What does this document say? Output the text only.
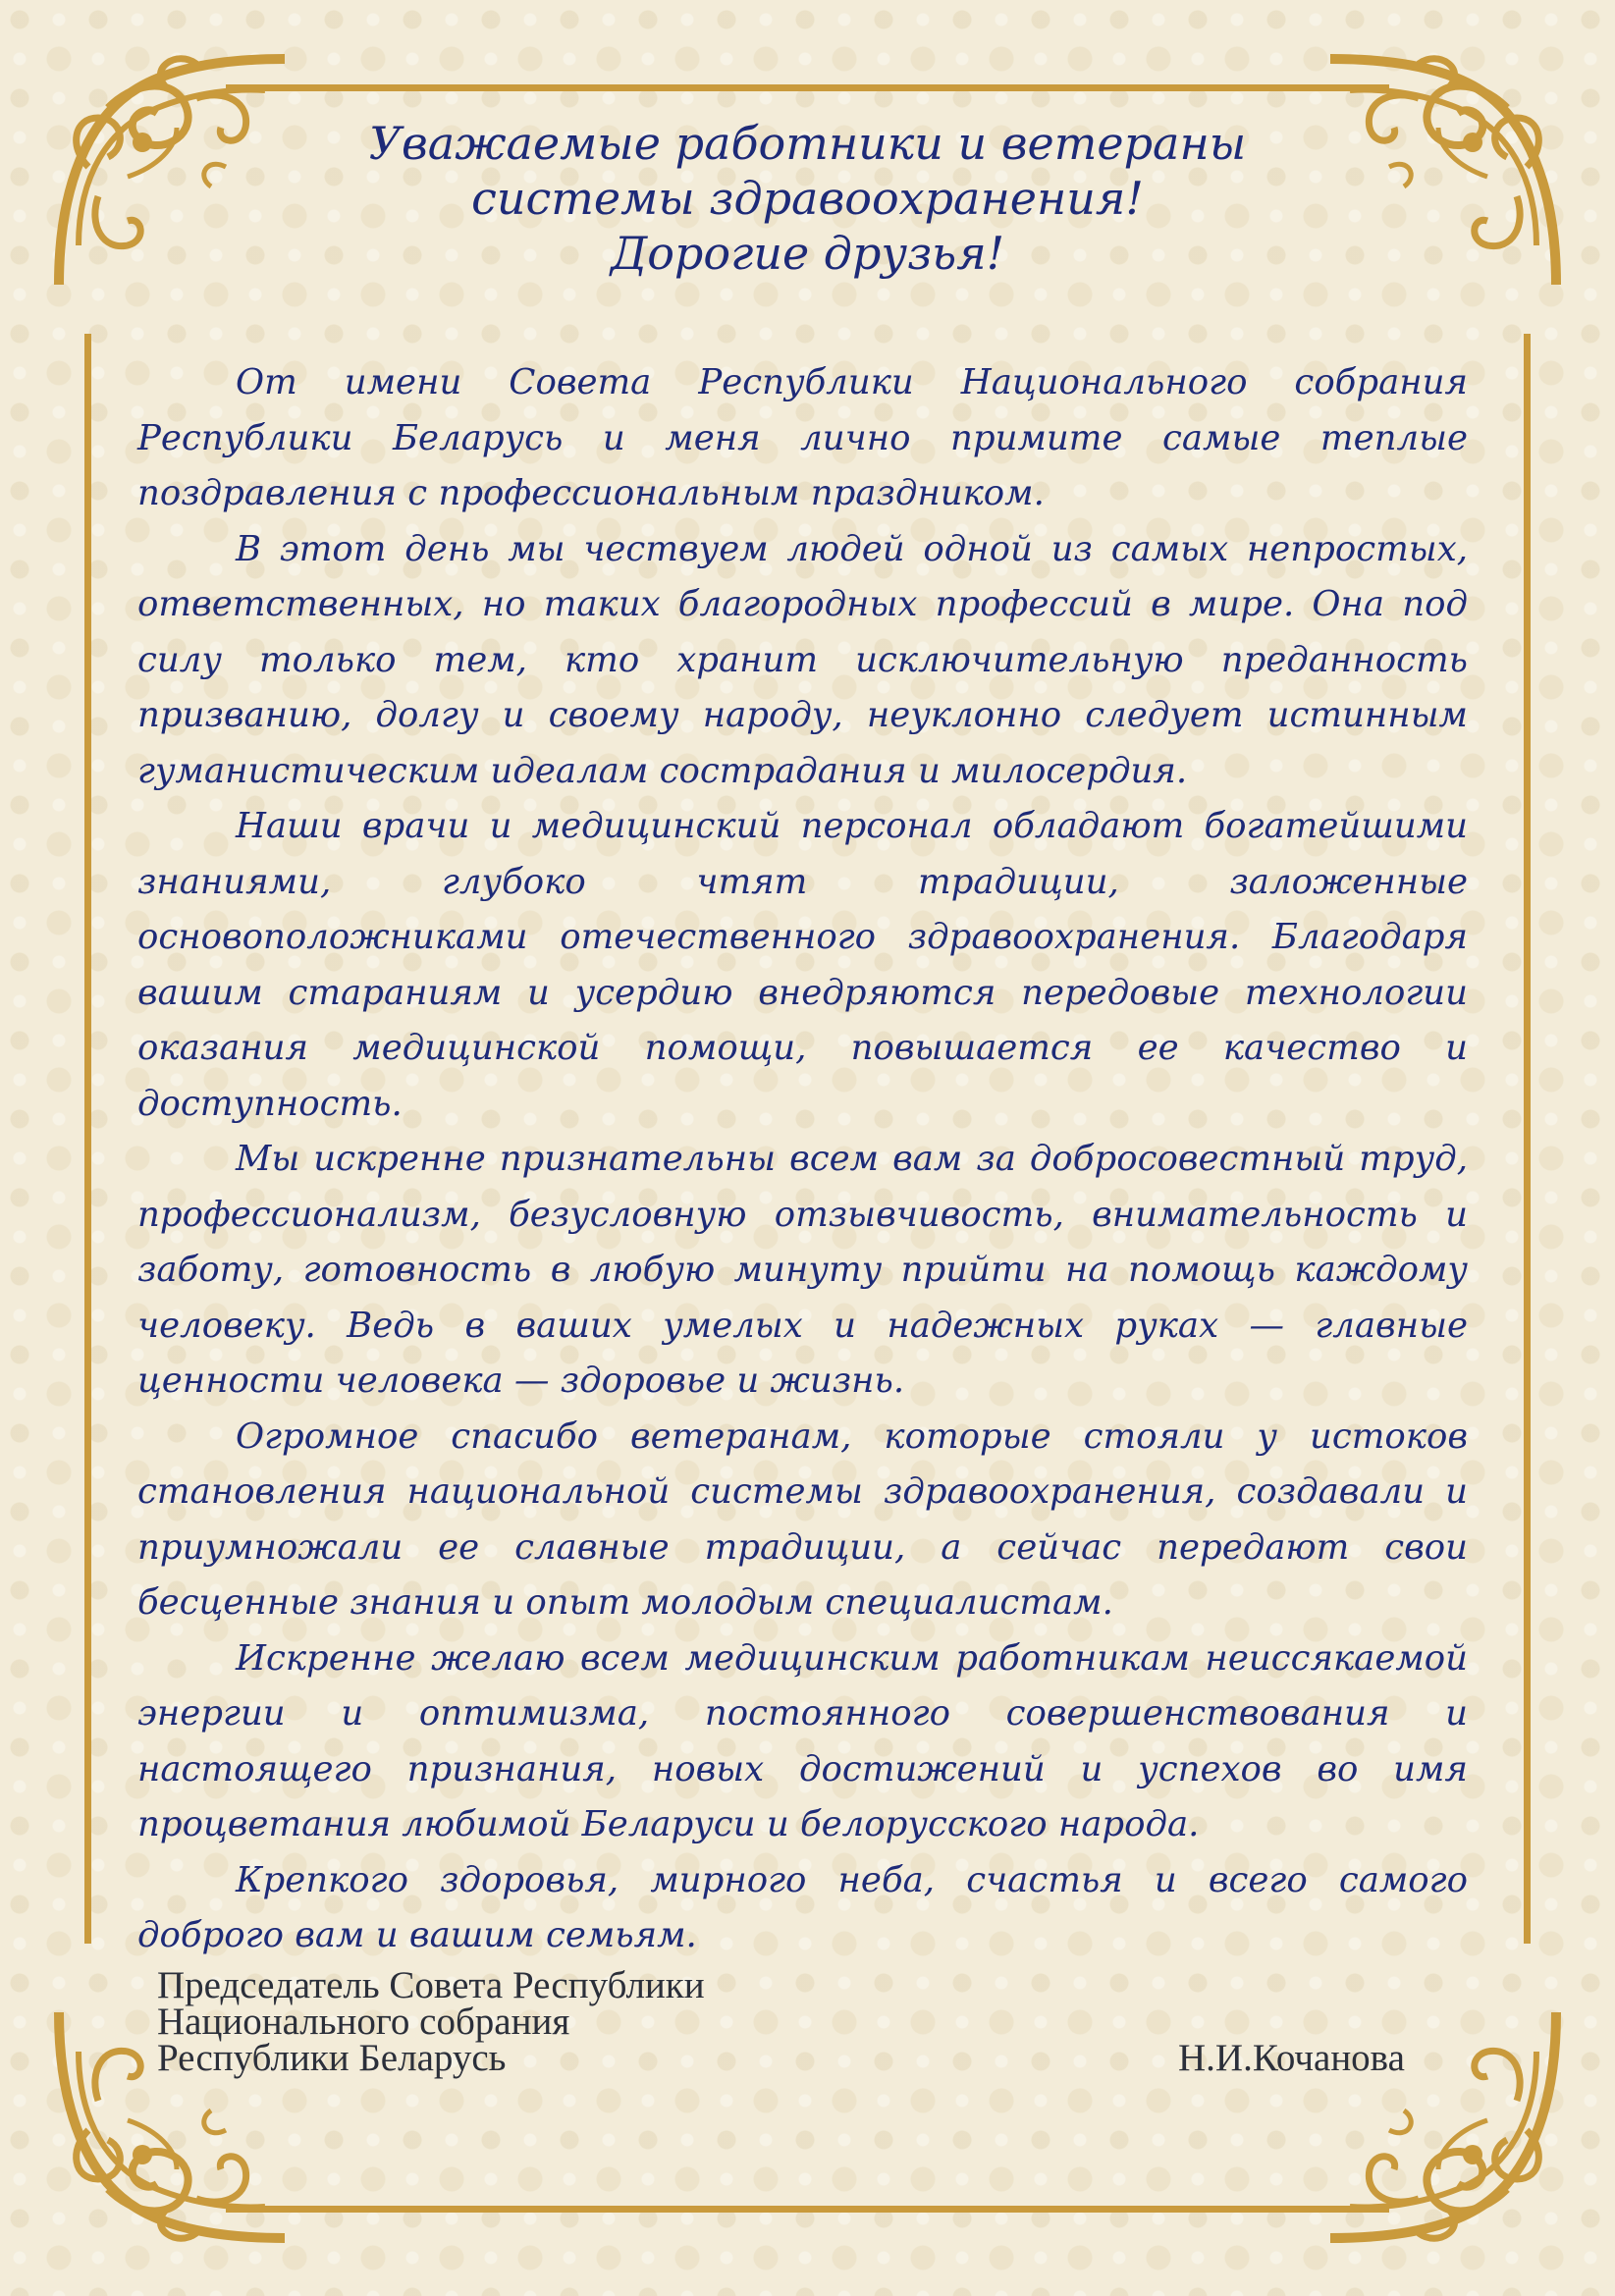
Уважаемые работники и ветераны
системы здравоохранения!
Дорогие друзья!

От имени Совета Республики Национального собрания Республики Беларусь и меня лично примите самые теплые поздравления с профессиональным праздником.

В этот день мы чествуем людей одной из самых непростых, ответственных, но таких благородных профессий в мире. Она под силу только тем, кто хранит исключительную преданность призванию, долгу и своему народу, неуклонно следует истинным гуманистическим идеалам сострадания и милосердия.

Наши врачи и медицинский персонал обладают богатейшими знаниями, глубоко чтят традиции, заложенные основоположниками отечественного здравоохранения. Благодаря вашим стараниям и усердию внедряются передовые технологии оказания медицинской помощи, повышается ее качество и доступность.

Мы искренне признательны всем вам за добросовестный труд, профессионализм, безусловную отзывчивость, внимательность и заботу, готовность в любую минуту прийти на помощь каждому человеку. Ведь в ваших умелых и надежных руках — главные ценности человека — здоровье и жизнь.

Огромное спасибо ветеранам, которые стояли у истоков становления национальной системы здравоохранения, создавали и приумножали ее славные традиции, а сейчас передают свои бесценные знания и опыт молодым специалистам.

Искренне желаю всем медицинским работникам неиссякаемой энергии и оптимизма, постоянного совершенствования и настоящего признания, новых достижений и успехов во имя процветания любимой Беларуси и белорусского народа.

Крепкого здоровья, мирного неба, счастья и всего самого доброго вам и вашим семьям.

Председатель Совета Республики
Национального собрания
Республики Беларусь	Н.И.Кочанова
